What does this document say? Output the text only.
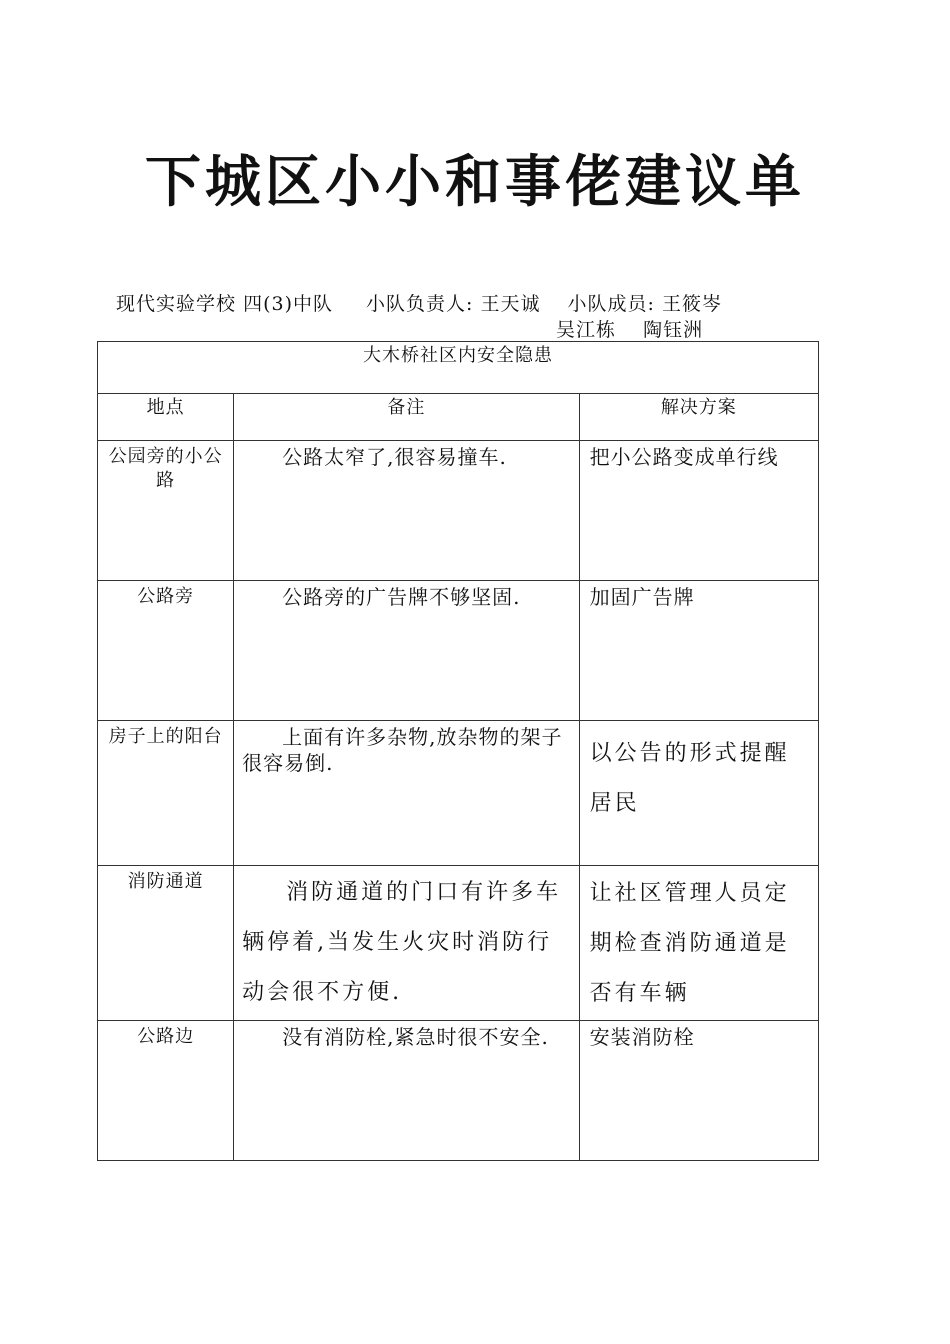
下城区小小和事佬建议单
现代实验学校 四(3)中队 小队负责人: 王天诚 小队成员: 王筱岑
吴江栋 陶钰洲
大木桥社区内安全隐患		
地点	备注	解决方案
公园旁的小公路	公路太窄了,很容易撞车.	把小公路变成单行线
公路旁	公路旁的广告牌不够坚固.	加固广告牌
房子上的阳台	上面有许多杂物,放杂物的架子很容易倒.	以公告的形式提醒居民
消防通道	消防通道的门口有许多车辆停着,当发生火灾时消防行动会很不方便.	让社区管理人员定期检查消防通道是否有车辆
公路边	没有消防栓,紧急时很不安全.	安装消防栓
